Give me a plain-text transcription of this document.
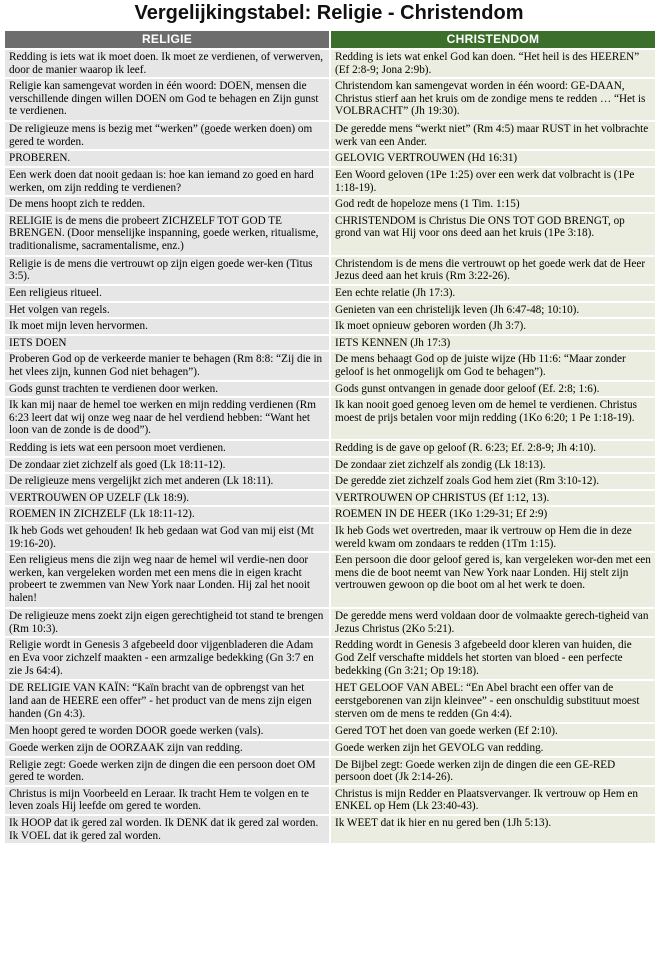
Vergelijkingstabel: Religie - Christendom
RELIGIE	CHRISTENDOM
Redding is iets wat ik moet doen. Ik moet ze verdienen, of verwerven, door de manier waarop ik leef.	Redding is iets wat enkel God kan doen. “Het heil is des HEEREN” (Ef 2:8-9; Jona 2:9b).
Religie kan samengevat worden in één woord: DOEN, mensen die verschillende dingen willen DOEN om God te behagen en Zijn gunst te verdienen.	Christendom kan samengevat worden in één woord: GE-DAAN, Christus stierf aan het kruis om de zondige mens te redden … “Het is VOLBRACHT” (Jh 19:30).
De religieuze mens is bezig met “werken” (goede werken doen) om gered te worden.	De geredde mens “werkt niet” (Rm 4:5) maar RUST in het volbrachte werk van een Ander.
PROBEREN.	GELOVIG VERTROUWEN (Hd 16:31)
Een werk doen dat nooit gedaan is: hoe kan iemand zo goed en hard werken, om zijn redding te verdienen?	Een Woord geloven (1Pe 1:25) over een werk dat volbracht is (1Pe 1:18-19).
De mens hoopt zich te redden.	God redt de hopeloze mens (1 Tim. 1:15)
RELIGIE is de mens die probeert ZICHZELF TOT GOD TE BRENGEN. (Door menselijke inspanning, goede werken, ritualisme, traditionalisme, sacramentalisme, enz.)	CHRISTENDOM is Christus Die ONS TOT GOD BRENGT, op grond van wat Hij voor ons deed aan het kruis (1Pe 3:18).
Religie is de mens die vertrouwt op zijn eigen goede wer-ken (Titus 3:5).	Christendom is de mens die vertrouwt op het goede werk dat de Heer Jezus deed aan het kruis (Rm 3:22-26).
Een religieus ritueel.	Een echte relatie (Jh 17:3).
Het volgen van regels.	Genieten van een christelijk leven (Jh 6:47-48; 10:10).
Ik moet mijn leven hervormen.	Ik moet opnieuw geboren worden (Jh 3:7).
IETS DOEN	IETS KENNEN (Jh 17:3)
Proberen God op de verkeerde manier te behagen (Rm 8:8: “Zij die in het vlees zijn, kunnen God niet behagen”).	De mens behaagt God op de juiste wijze (Hb 11:6: “Maar zonder geloof is het onmogelijk om God te behagen”).
Gods gunst trachten te verdienen door werken.	Gods gunst ontvangen in genade door geloof (Ef. 2:8; 1:6).
Ik kan mij naar de hemel toe werken en mijn redding verdienen (Rm 6:23 leert dat wij onze weg naar de hel verdiend hebben: “Want het loon van de zonde is de dood”).	Ik kan nooit goed genoeg leven om de hemel te verdienen. Christus moest de prijs betalen voor mijn redding (1Ko 6:20; 1 Pe 1:18-19).
Redding is iets wat een persoon moet verdienen.	Redding is de gave op geloof (R. 6:23; Ef. 2:8-9; Jh 4:10).
De zondaar ziet zichzelf als goed (Lk 18:11-12).	De zondaar ziet zichzelf als zondig (Lk 18:13).
De religieuze mens vergelijkt zich met anderen (Lk 18:11).	De geredde ziet zichzelf zoals God hem ziet (Rm 3:10-12).
VERTROUWEN OP UZELF (Lk 18:9).	VERTROUWEN OP CHRISTUS (Ef 1:12, 13).
ROEMEN IN ZICHZELF (Lk 18:11-12).	ROEMEN IN DE HEER (1Ko 1:29-31; Ef 2:9)
Ik heb Gods wet gehouden! Ik heb gedaan wat God van mij eist (Mt 19:16-20).	Ik heb Gods wet overtreden, maar ik vertrouw op Hem die in deze wereld kwam om zondaars te redden (1Tm 1:15).
Een religieus mens die zijn weg naar de hemel wil verdie-nen door werken, kan vergeleken worden met een mens die in eigen kracht probeert te zwemmen van New York naar Londen. Hij zal het nooit halen!	Een persoon die door geloof gered is, kan vergeleken wor-den met een mens die de boot neemt van New York naar Londen. Hij stelt zijn vertrouwen gewoon op die boot om al het werk te doen.
De religieuze mens zoekt zijn eigen gerechtigheid tot stand te brengen (Rm 10:3).	De geredde mens werd voldaan door de volmaakte gerech-tigheid van Jezus Christus (2Ko 5:21).
Religie wordt in Genesis 3 afgebeeld door vijgenbladeren die Adam en Eva voor zichzelf maakten - een armzalige bedekking (Gn 3:7 en zie Js 64:4).	Redding wordt in Genesis 3 afgebeeld door kleren van huiden, die God Zelf verschafte middels het storten van bloed - een perfecte bedekking (Gn 3:21; Op 19:18).
DE RELIGIE VAN KAÏN: “Kaïn bracht van de opbrengst van het land aan de HEERE een offer” - het product van de mens zijn eigen handen (Gn 4:3).	HET GELOOF VAN ABEL: “En Abel bracht een offer van de eerstgeborenen van zijn kleinvee” - een onschuldig substituut moest sterven om de mens te redden (Gn 4:4).
Men hoopt gered te worden DOOR goede werken (vals).	Gered TOT het doen van goede werken (Ef 2:10).
Goede werken zijn de OORZAAK zijn van redding.	Goede werken zijn het GEVOLG van redding.
Religie zegt: Goede werken zijn de dingen die een persoon doet OM gered te worden.	De Bijbel zegt: Goede werken zijn de dingen die een GE-RED persoon doet (Jk 2:14-26).
Christus is mijn Voorbeeld en Leraar. Ik tracht Hem te volgen en te leven zoals Hij leefde om gered te worden.	Christus is mijn Redder en Plaatsvervanger. Ik vertrouw op Hem en ENKEL op Hem (Lk 23:40-43).
Ik HOOP dat ik gered zal worden. Ik DENK dat ik gered zal worden. Ik VOEL dat ik gered zal worden.	Ik WEET dat ik hier en nu gered ben (1Jh 5:13).
